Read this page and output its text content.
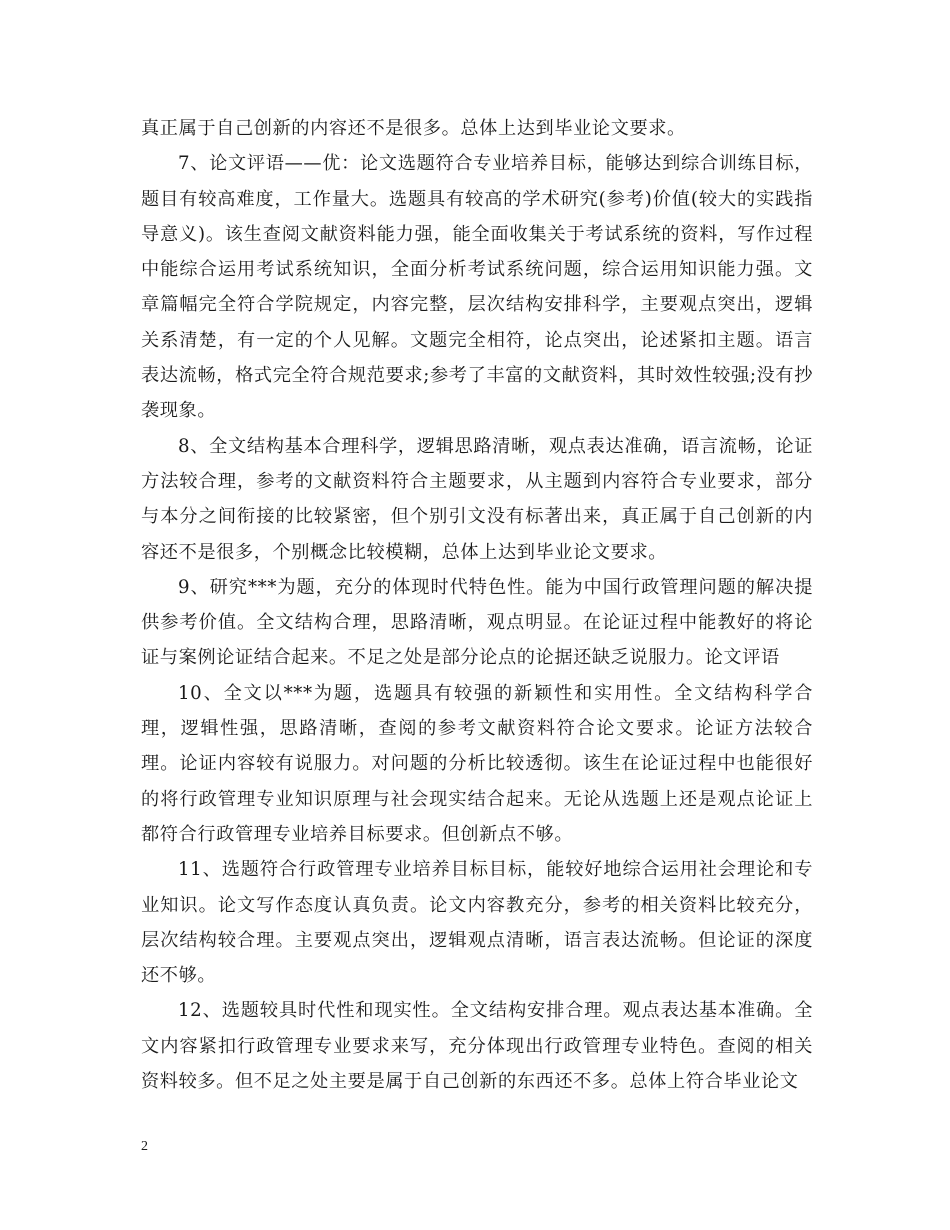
真正属于自己创新的内容还不是很多。总体上达到毕业论文要求。

7、论文评语——优：论文选题符合专业培养目标，能够达到综合训练目标，题目有较高难度，工作量大。选题具有较高的学术研究(参考)价值(较大的实践指导意义)。该生查阅文献资料能力强，能全面收集关于考试系统的资料，写作过程中能综合运用考试系统知识，全面分析考试系统问题，综合运用知识能力强。文章篇幅完全符合学院规定，内容完整，层次结构安排科学，主要观点突出，逻辑关系清楚，有一定的个人见解。文题完全相符，论点突出，论述紧扣主题。语言表达流畅，格式完全符合规范要求;参考了丰富的文献资料，其时效性较强;没有抄袭现象。

8、全文结构基本合理科学，逻辑思路清晰，观点表达准确，语言流畅，论证方法较合理，参考的文献资料符合主题要求，从主题到内容符合专业要求，部分与本分之间衔接的比较紧密，但个别引文没有标著出来，真正属于自己创新的内容还不是很多，个别概念比较模糊，总体上达到毕业论文要求。

9、研究***为题，充分的体现时代特色性。能为中国行政管理问题的解决提供参考价值。全文结构合理，思路清晰，观点明显。在论证过程中能教好的将论证与案例论证结合起来。不足之处是部分论点的论据还缺乏说服力。论文评语

10、全文以***为题，选题具有较强的新颖性和实用性。全文结构科学合理，逻辑性强，思路清晰，查阅的参考文献资料符合论文要求。论证方法较合理。论证内容较有说服力。对问题的分析比较透彻。该生在论证过程中也能很好的将行政管理专业知识原理与社会现实结合起来。无论从选题上还是观点论证上都符合行政管理专业培养目标要求。但创新点不够。

11、选题符合行政管理专业培养目标目标，能较好地综合运用社会理论和专业知识。论文写作态度认真负责。论文内容教充分，参考的相关资料比较充分，层次结构较合理。主要观点突出，逻辑观点清晰，语言表达流畅。但论证的深度还不够。

12、选题较具时代性和现实性。全文结构安排合理。观点表达基本准确。全文内容紧扣行政管理专业要求来写，充分体现出行政管理专业特色。查阅的相关资料较多。但不足之处主要是属于自己创新的东西还不多。总体上符合毕业论文

2
